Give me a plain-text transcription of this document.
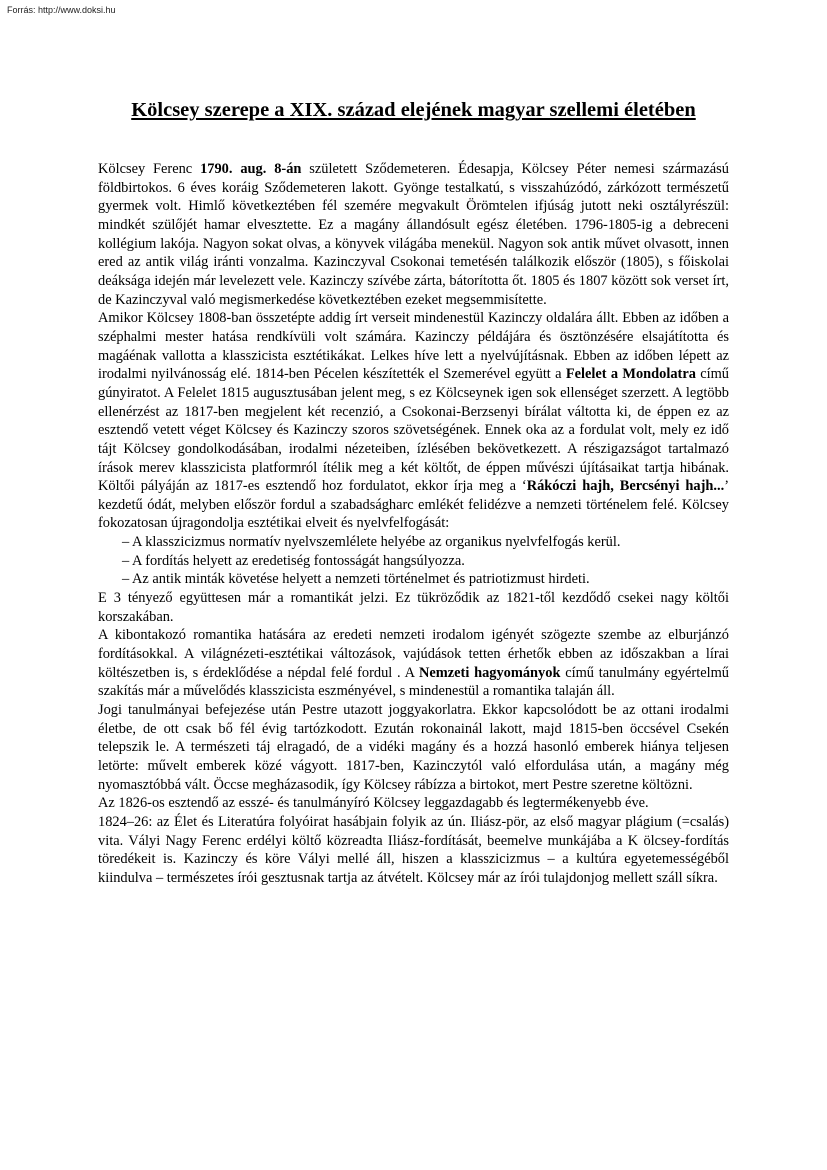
Forrás: http://www.doksi.hu
Kölcsey szerepe a XIX. század elejének magyar szellemi életében

Kölcsey Ferenc 1790. aug. 8-án született Sződemeteren. Édesapja, Kölcsey Péter nemesi származású földbirtokos. 6 éves koráig Sződemeteren lakott. Gyönge testalkatú, s visszahúzódó, zárkózott természetű gyermek volt. Himlő következtében fél szemére megvakult Örömtelen ifjúság jutott neki osztályrészül: mindkét szülőjét hamar elvesztette. Ez a magány állandósult egész életében. 1796-1805-ig a debreceni kollégium lakója. Nagyon sokat olvas, a könyvek világába menekül. Nagyon sok antik művet olvasott, innen ered az antik világ iránti vonzalma. Kazinczyval Csokonai temetésén találkozik először (1805), s főiskolai deáksága idején már levelezett vele. Kazinczy szívébe zárta, bátorította őt. 1805 és 1807 között sok verset írt, de Kazinczyval való megismerkedése következtében ezeket megsemmisítette.

Amikor Kölcsey 1808-ban összetépte addig írt verseit mindenestül Kazinczy oldalára állt. Ebben az időben a széphalmi mester hatása rendkívüli volt számára. Kazinczy példájára és ösztönzésére elsajátította és magáénak vallotta a klasszicista esztétikákat. Lelkes híve lett a nyelvújításnak. Ebben az időben lépett az irodalmi nyilvánosság elé. 1814-ben Pécelen készítették el Szemerével együtt a Felelet a Mondolatra című gúnyiratot. A Felelet 1815 augusztusában jelent meg, s ez Kölcseynek igen sok ellenséget szerzett. A legtöbb ellenérzést az 1817-ben megjelent két recenzió, a Csokonai-Berzsenyi bírálat váltotta ki, de éppen ez az esztendő vetett véget Kölcsey és Kazinczy szoros szövetségének. Ennek oka az a fordulat volt, mely ez idő tájt Kölcsey gondolkodásában, irodalmi nézeteiben, ízlésében bekövetkezett. A részigazságot tartalmazó írások merev klasszicista platformról ítélik meg a két költőt, de éppen művészi újításaikat tartja hibának. Költői pályáján az 1817-es esztendő hoz fordulatot, ekkor írja meg a ‘Rákóczi hajh, Bercsényi hajh...’ kezdetű ódát, melyben először fordul a szabadságharc emlékét felidézve a nemzeti történelem felé. Kölcsey fokozatosan újragondolja esztétikai elveit és nyelvfelfogását:

– A klasszicizmus normatív nyelvszemlélete helyébe az organikus nyelvfelfogás kerül.

– A fordítás helyett az eredetiség fontosságát hangsúlyozza.

– Az antik minták követése helyett a nemzeti történelmet és patriotizmust hirdeti.

E 3 tényező együttesen már a romantikát jelzi. Ez tükröződik az 1821-től kezdődő csekei nagy költői korszakában.

A kibontakozó romantika hatására az eredeti nemzeti irodalom igényét szögezte szembe az elburjánzó fordításokkal. A világnézeti-esztétikai változások, vajúdások tetten érhetők ebben az időszakban a lírai költészetben is, s érdeklődése a népdal felé fordul . A Nemzeti hagyományok című tanulmány egyértelmű szakítás már a művelődés klasszicista eszményével, s mindenestül a romantika talaján áll.

Jogi tanulmányai befejezése után Pestre utazott joggyakorlatra. Ekkor kapcsolódott be az ottani irodalmi életbe, de ott csak bő fél évig tartózkodott. Ezután rokonainál lakott, majd 1815-ben öccsével Csekén telepszik le. A természeti táj elragadó, de a vidéki magány és a hozzá hasonló emberek hiánya teljesen letörte: művelt emberek közé vágyott. 1817-ben, Kazinczytól való elfordulása után, a magány még nyomasztóbbá vált. Öccse megházasodik, így Kölcsey rábízza a birtokot, mert Pestre szeretne költözni.

Az 1826-os esztendő az esszé- és tanulmányíró Kölcsey leggazdagabb és legtermékenyebb éve.

1824–26: az Élet és Literatúra folyóirat hasábjain folyik az ún. Iliász-pör, az első magyar plágium (=csalás) vita. Vályi Nagy Ferenc erdélyi költő közreadta Iliász-fordítását, beemelve munkájába a K ölcsey-fordítás töredékeit is. Kazinczy és köre Vályi mellé áll, hiszen a klasszicizmus – a kultúra egyetemességéből kiindulva – természetes írói gesztusnak tartja az átvételt. Kölcsey már az írói tulajdonjog mellett száll síkra.
